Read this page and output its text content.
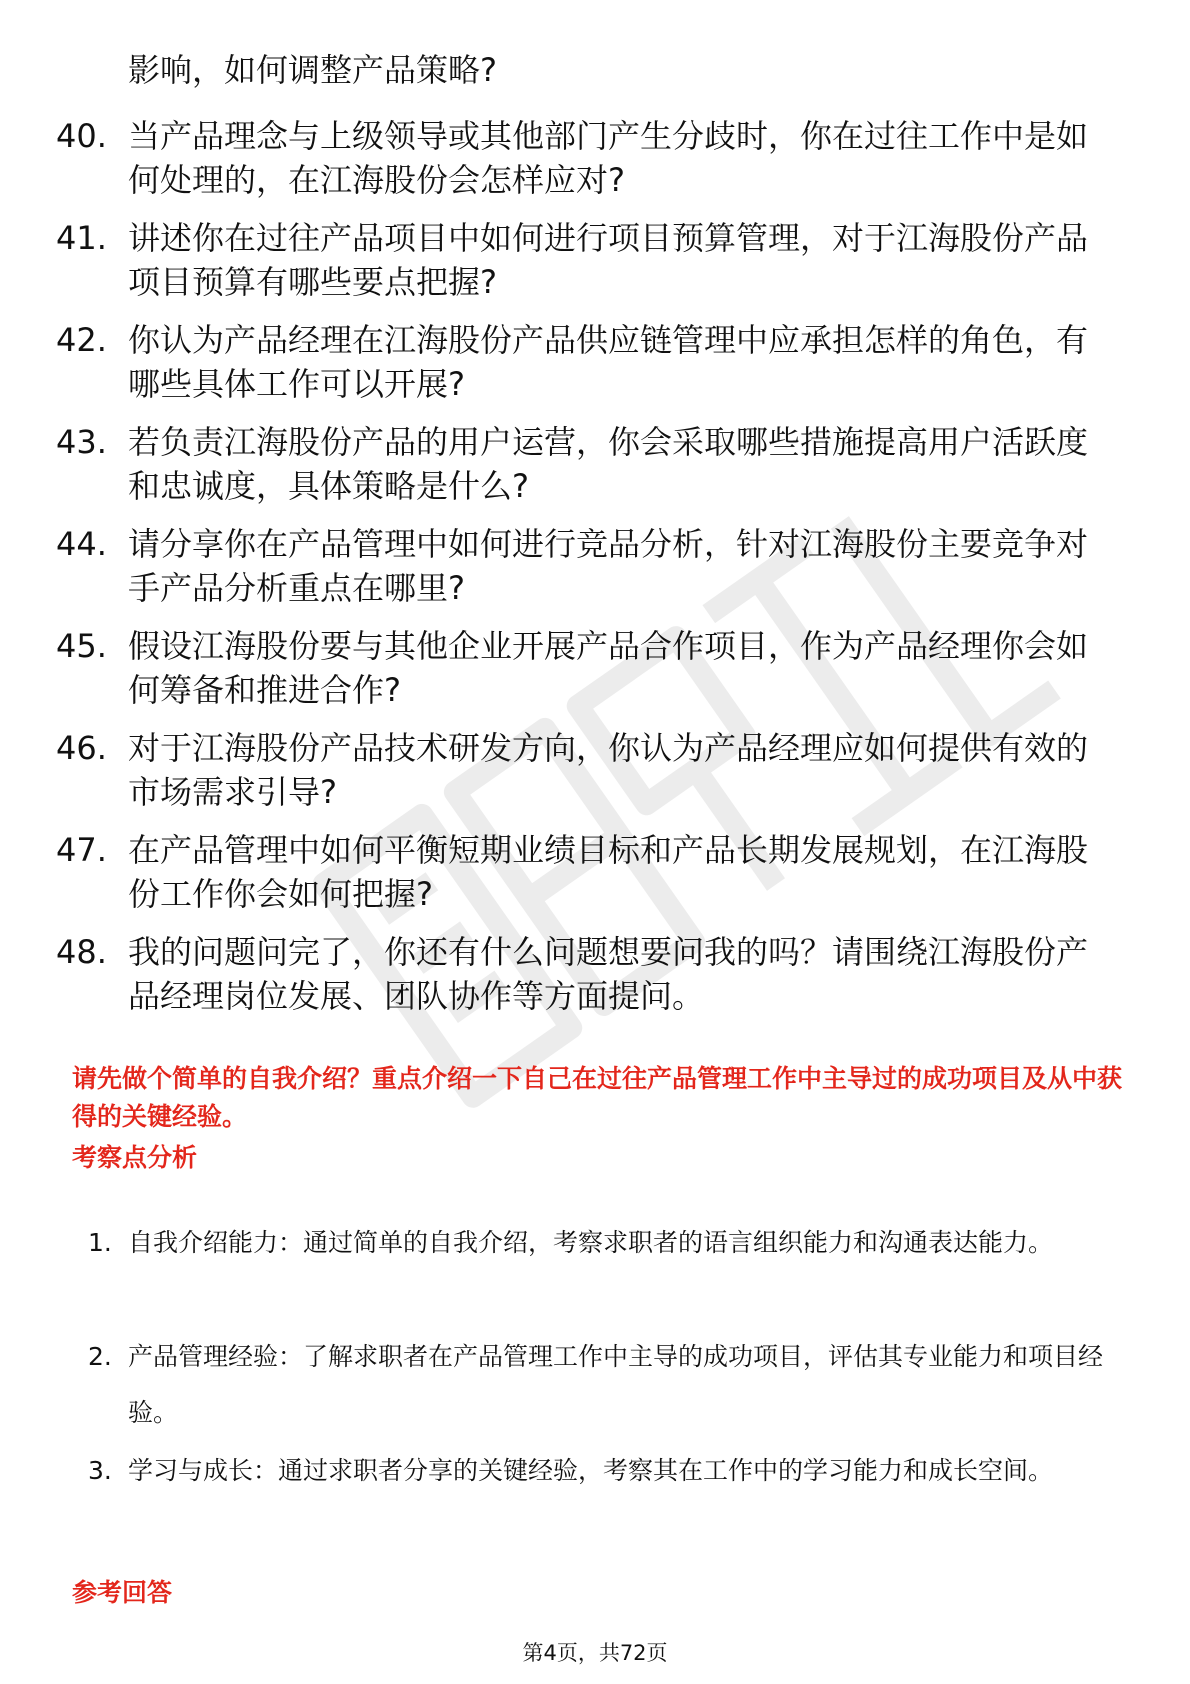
影响，如何调整产品策略?
40. 当产品理念与上级领导或其他部门产生分歧时，你在过往工作中是如何处理的，在江海股份会怎样应对?
41. 讲述你在过往产品项目中如何进行项目预算管理，对于江海股份产品项目预算有哪些要点把握?
42. 你认为产品经理在江海股份产品供应链管理中应承担怎样的角色，有哪些具体工作可以开展?
43. 若负责江海股份产品的用户运营，你会采取哪些措施提高用户活跃度和忠诚度，具体策略是什么?
44. 请分享你在产品管理中如何进行竞品分析，针对江海股份主要竞争对手产品分析重点在哪里?
45. 假设江海股份要与其他企业开展产品合作项目，作为产品经理你会如何筹备和推进合作?
46. 对于江海股份产品技术研发方向，你认为产品经理应如何提供有效的市场需求引导?
47. 在产品管理中如何平衡短期业绩目标和产品长期发展规划，在江海股份工作你会如何把握?
48. 我的问题问完了，你还有什么问题想要问我的吗？请围绕江海股份产品经理岗位发展、团队协作等方面提问。
请先做个简单的自我介绍？重点介绍一下自己在过往产品管理工作中主导过的成功项目及从中获得的关键经验。
考察点分析
1. 自我介绍能力：通过简单的自我介绍，考察求职者的语言组织能力和沟通表达能力。
2. 产品管理经验：了解求职者在产品管理工作中主导的成功项目，评估其专业能力和项目经验。
3. 学习与成长：通过求职者分享的关键经验，考察其在工作中的学习能力和成长空间。
参考回答
第4页，共72页
